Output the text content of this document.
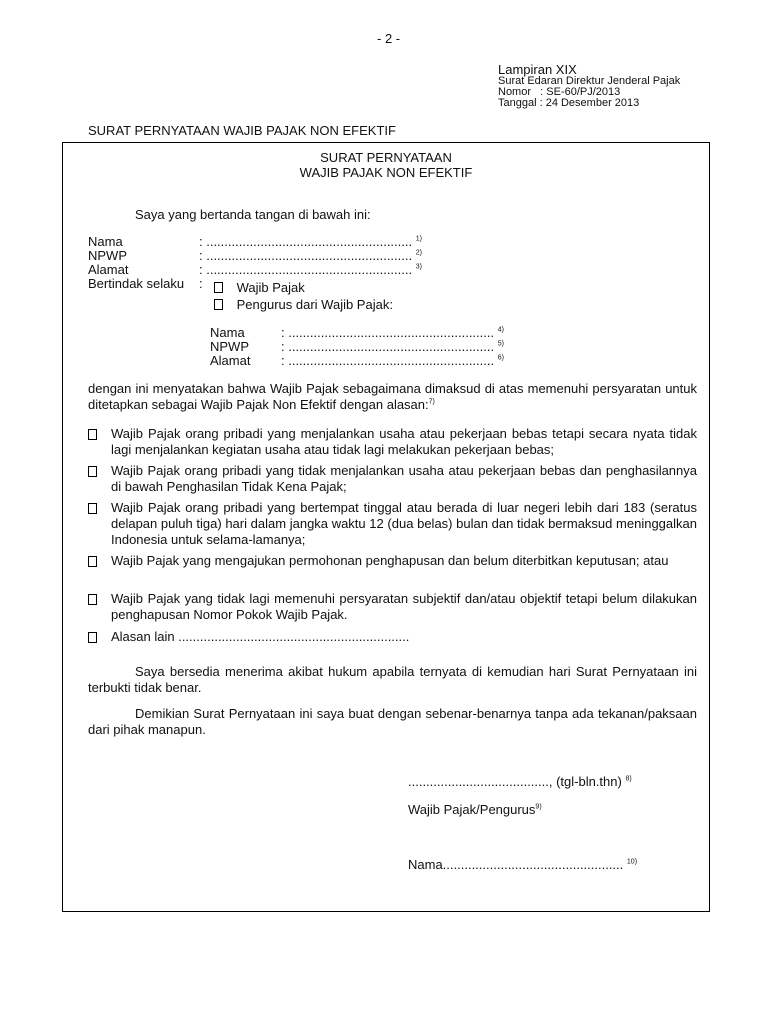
- 2 -
Lampiran XIX
Surat Edaran Direktur Jenderal Pajak
Nomor   : SE-60/PJ/2013
Tanggal : 24 Desember 2013
SURAT PERNYATAAN WAJIB PAJAK NON EFEKTIF
SURAT PERNYATAAN
WAJIB PAJAK NON EFEKTIF
Saya yang bertanda tangan di bawah ini:
Nama	: ......................................................... $^{1)}$
NPWP	: ......................................................... $^{2)}$
Alamat	: ......................................................... $^{3)}$
Bertindak selaku :	Wajib Pajak
Pengurus dari Wajib Pajak:
Nama	: ......................................................... $^{4)}$
NPWP : ......................................................... $^{5)}$
Alamat : ......................................................... $^{6)}$
dengan ini menyatakan bahwa Wajib Pajak sebagaimana dimaksud di atas memenuhi persyaratan untuk ditetapkan sebagai Wajib Pajak Non Efektif dengan alasan:$^{7)}$
Wajib Pajak orang pribadi yang menjalankan usaha atau pekerjaan bebas tetapi secara nyata tidak lagi menjalankan kegiatan usaha atau tidak lagi melakukan pekerjaan bebas;
Wajib Pajak orang pribadi yang tidak menjalankan usaha atau pekerjaan bebas dan penghasilannya di bawah Penghasilan Tidak Kena Pajak;
Wajib Pajak orang pribadi yang bertempat tinggal atau berada di luar negeri lebih dari 183 (seratus delapan puluh tiga) hari dalam jangka waktu 12 (dua belas) bulan dan tidak bermaksud meninggalkan Indonesia untuk selama-lamanya;
Wajib Pajak yang mengajukan permohonan penghapusan dan belum diterbitkan keputusan; atau
Wajib Pajak yang tidak lagi memenuhi persyaratan subjektif dan/atau objektif tetapi belum dilakukan penghapusan Nomor Pokok Wajib Pajak.
Alasan lain ................................................................
Saya bersedia menerima akibat hukum apabila ternyata di kemudian hari Surat Pernyataan ini terbukti tidak benar.
Demikian Surat Pernyataan ini saya buat dengan sebenar-benarnya tanpa ada tekanan/paksaan dari pihak manapun.
......................................., (tgl-bln.thn) $^{8)}$
Wajib Pajak/Pengurus$^{9)}$
Nama.................................................. $^{10)}$
